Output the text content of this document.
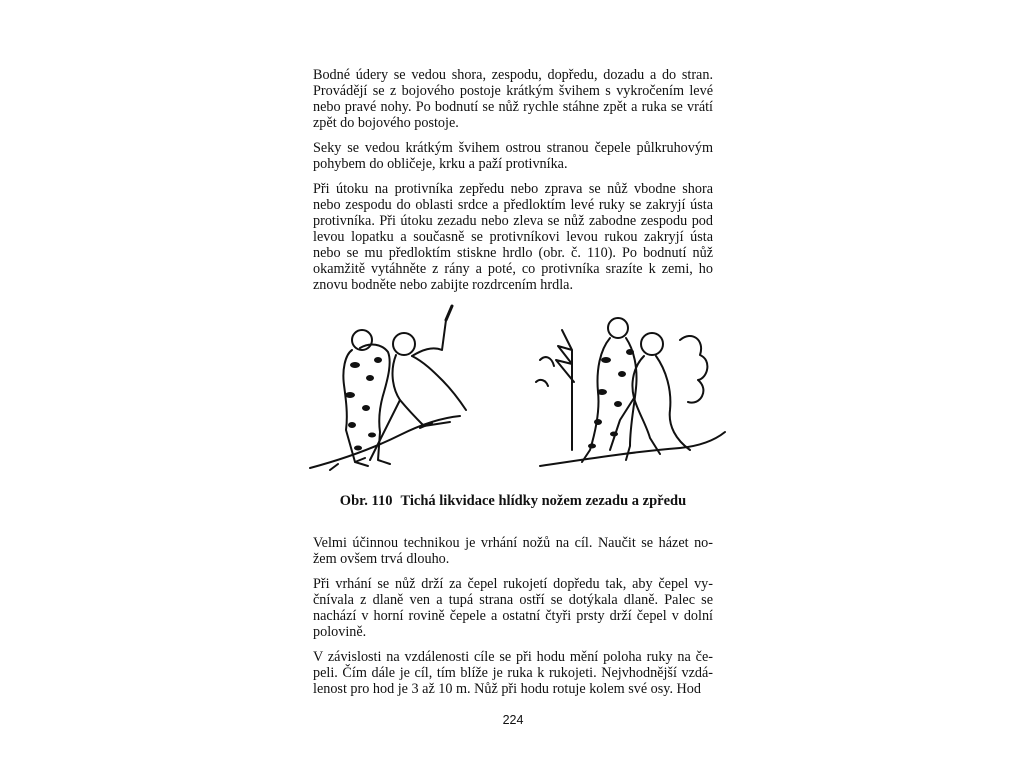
Bodné údery se vedou shora, zespodu, dopředu, dozadu a do stran. Provádějí se z bojového postoje krátkým švihem s vykročením levé nebo pravé nohy. Po bodnutí se nůž rychle stáhne zpět a ruka se vrátí zpět do bojového postoje.

Seky se vedou krátkým švihem ostrou stranou čepele půlkruhovým pohybem do obličeje, krku a paží protivníka.

Při útoku na protivníka zepředu nebo zprava se nůž vbodne shora nebo zespodu do oblasti srdce a předloktím levé ruky se zakryjí ústa protivníka. Při útoku zezadu nebo zleva se nůž zabodne zespodu pod levou lopatku a současně se protivníkovi levou rukou zakryjí ústa nebo se mu předloktím stiskne hrdlo (obr. č. 110). Po bodnutí nůž okamžitě vytáhněte z rány a poté, co protivníka srazíte k zemi, ho znovu bodněte nebo zabijte rozdrcením hrdla.

Obr. 110 Tichá likvidace hlídky nožem zezadu a zpředu

Velmi účinnou technikou je vrhání nožů na cíl. Naučit se házet no-žem ovšem trvá dlouho.

Při vrhání se nůž drží za čepel rukojetí dopředu tak, aby čepel vy-čnívala z dlaně ven a tupá strana ostří se dotýkala dlaně. Palec se nachází v horní rovině čepele a ostatní čtyři prsty drží čepel v dolní polovině.

V závislosti na vzdálenosti cíle se při hodu mění poloha ruky na če-peli. Čím dále je cíl, tím blíže je ruka k rukojeti. Nejvhodnější vzdá-lenost pro hod je 3 až 10 m. Nůž při hodu rotuje kolem své osy. Hod

224
